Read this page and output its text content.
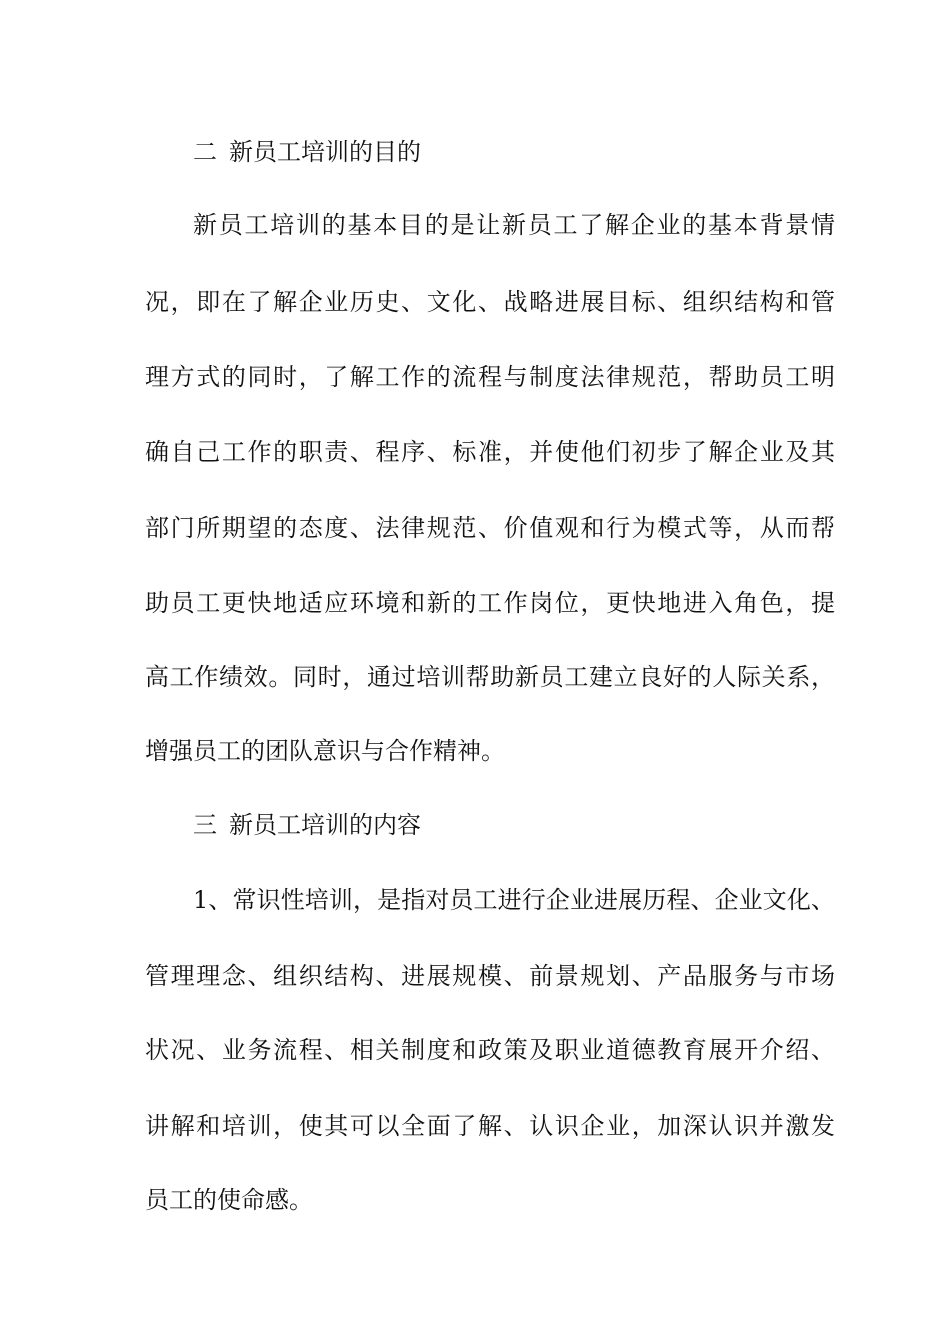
二 新员工培训的目的
新员工培训的基本目的是让新员工了解企业的基本背景情
况，即在了解企业历史、文化、战略进展目标、组织结构和管
理方式的同时，了解工作的流程与制度法律规范，帮助员工明
确自己工作的职责、程序、标准，并使他们初步了解企业及其
部门所期望的态度、法律规范、价值观和行为模式等，从而帮
助员工更快地适应环境和新的工作岗位，更快地进入角色，提
高工作绩效。同时，通过培训帮助新员工建立良好的人际关系，
增强员工的团队意识与合作精神。
三 新员工培训的内容
1、常识性培训，是指对员工进行企业进展历程、企业文化、
管理理念、组织结构、进展规模、前景规划、产品服务与市场
状况、业务流程、相关制度和政策及职业道德教育展开介绍、
讲解和培训，使其可以全面了解、认识企业，加深认识并激发
员工的使命感。
